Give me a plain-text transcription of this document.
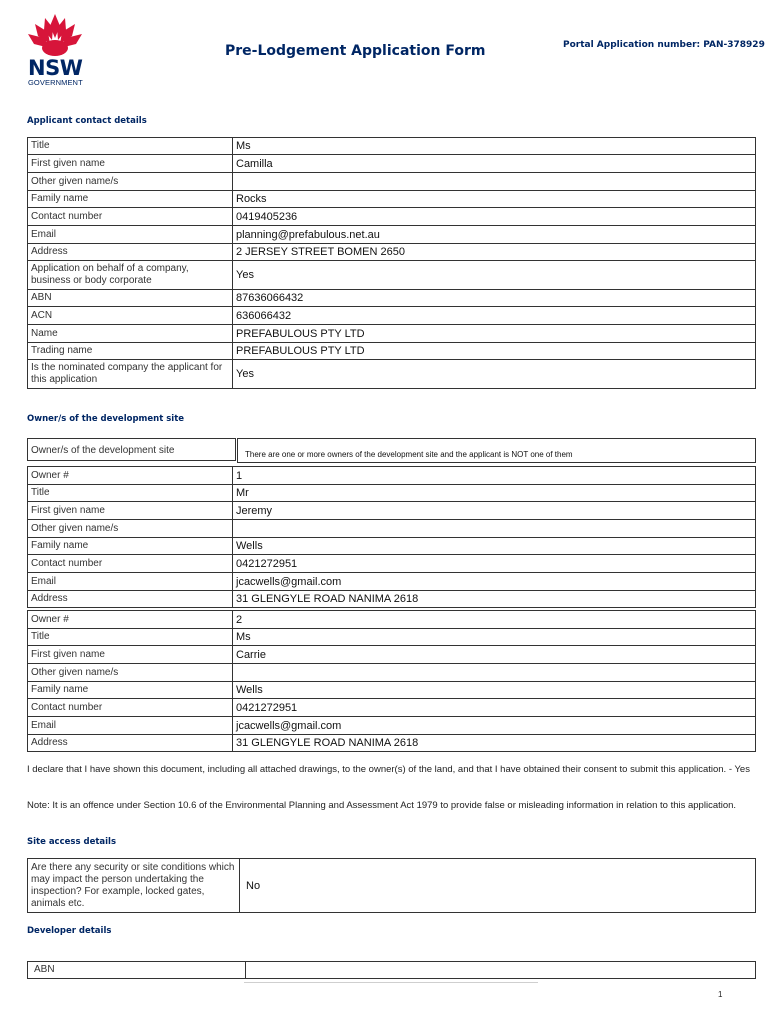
NSW
GOVERNMENT
Pre-Lodgement Application Form	Portal Application number: PAN-378929
Applicant contact details
Title	Ms
First given name	Camilla
Other given name/s	
Family name	Rocks
Contact number	0419405236
Email	planning@prefabulous.net.au
Address	2 JERSEY STREET BOMEN 2650
Application on behalf of a company, business or body corporate	Yes
ABN	87636066432
ACN	636066432
Name	PREFABULOUS PTY LTD
Trading name	PREFABULOUS PTY LTD
Is the nominated company the applicant for this application	Yes
Owner/s of the development site
Owner/s of the development site	There are one or more owners of the development site and the applicant is NOT one of them
Owner #	1
Title	Mr
First given name	Jeremy
Other given name/s	
Family name	Wells
Contact number	0421272951
Email	jcacwells@gmail.com
Address	31 GLENGYLE ROAD NANIMA 2618
Owner #	2
Title	Ms
First given name	Carrie
Other given name/s	
Family name	Wells
Contact number	0421272951
Email	jcacwells@gmail.com
Address	31 GLENGYLE ROAD NANIMA 2618
I declare that I have shown this document, including all attached drawings, to the owner(s) of the land, and that I have obtained their consent to submit this application. - Yes
Note: It is an offence under Section 10.6 of the Environmental Planning and Assessment Act 1979 to provide false or misleading information in relation to this application.
Site access details
Are there any security or site conditions which may impact the person undertaking the inspection? For example, locked gates, animals etc.	No
Developer details
ABN
1
